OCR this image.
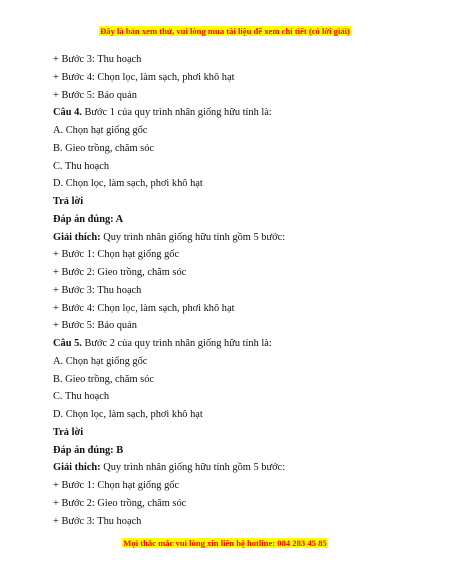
Đây là bản xem thử, vui lòng mua tài liệu để xem chi tiết (có lời giải)
+ Bước 3: Thu hoạch
+ Bước 4: Chọn lọc, làm sạch, phơi khô hạt
+ Bước 5: Bảo quản
Câu 4. Bước 1 của quy trình nhân giống hữu tính là:
A. Chọn hạt giống gốc
B. Gieo trồng, chăm sóc
C. Thu hoạch
D. Chọn lọc, làm sạch, phơi khô hạt
Trả lời
Đáp án đúng: A
Giải thích: Quy trình nhân giống hữu tính gồm 5 bước:
+ Bước 1: Chọn hạt giống gốc
+ Bước 2: Gieo trồng, chăm sóc
+ Bước 3: Thu hoạch
+ Bước 4: Chọn lọc, làm sạch, phơi khô hạt
+ Bước 5: Bảo quản
Câu 5. Bước 2 của quy trình nhân giống hữu tính là:
A. Chọn hạt giống gốc
B. Gieo trồng, chăm sóc
C. Thu hoạch
D. Chọn lọc, làm sạch, phơi khô hạt
Trả lời
Đáp án đúng: B
Giải thích: Quy trình nhân giống hữu tính gồm 5 bước:
+ Bước 1: Chọn hạt giống gốc
+ Bước 2: Gieo trồng, chăm sóc
+ Bước 3: Thu hoạch
Mọi thắc mắc vui lòng xin liên hệ hotline: 084 283 45 85
